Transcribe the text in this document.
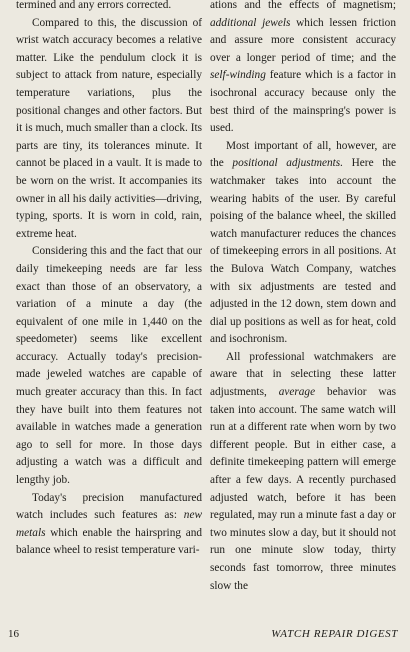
termined and any errors corrected.

Compared to this, the discussion of wrist watch accuracy becomes a relative matter. Like the pendulum clock it is subject to attack from nature, especially temperature variations, plus the positional changes and other factors. But it is much, much smaller than a clock. Its parts are tiny, its tolerances minute. It cannot be placed in a vault. It is made to be worn on the wrist. It accompanies its owner in all his daily activities—driving, typing, sports. It is worn in cold, rain, extreme heat.

Considering this and the fact that our daily timekeeping needs are far less exact than those of an observatory, a variation of a minute a day (the equivalent of one mile in 1,440 on the speedometer) seems like excellent accuracy. Actually today's precision-made jeweled watches are capable of much greater accuracy than this. In fact they have built into them features not available in watches made a generation ago to sell for more. In those days adjusting a watch was a difficult and lengthy job.

Today's precision manufactured watch includes such features as: new metals which enable the hairspring and balance wheel to resist temperature vari-

ations and the effects of magnetism; additional jewels which lessen friction and assure more consistent accuracy over a longer period of time; and the self-winding feature which is a factor in isochronal accuracy because only the best third of the mainspring's power is used.

Most important of all, however, are the positional adjustments. Here the watchmaker takes into account the wearing habits of the user. By careful poising of the balance wheel, the skilled watch manufacturer reduces the chances of timekeeping errors in all positions. At the Bulova Watch Company, watches with six adjustments are tested and adjusted in the 12 down, stem down and dial up positions as well as for heat, cold and isochronism.

All professional watchmakers are aware that in selecting these latter adjustments, average behavior was taken into account. The same watch will run at a different rate when worn by two different people. But in either case, a definite timekeeping pattern will emerge after a few days. A recently purchased adjusted watch, before it has been regulated, may run a minute fast a day or two minutes slow a day, but it should not run one minute slow today, thirty seconds fast tomorrow, three minutes slow the

16	WATCH REPAIR DIGEST
